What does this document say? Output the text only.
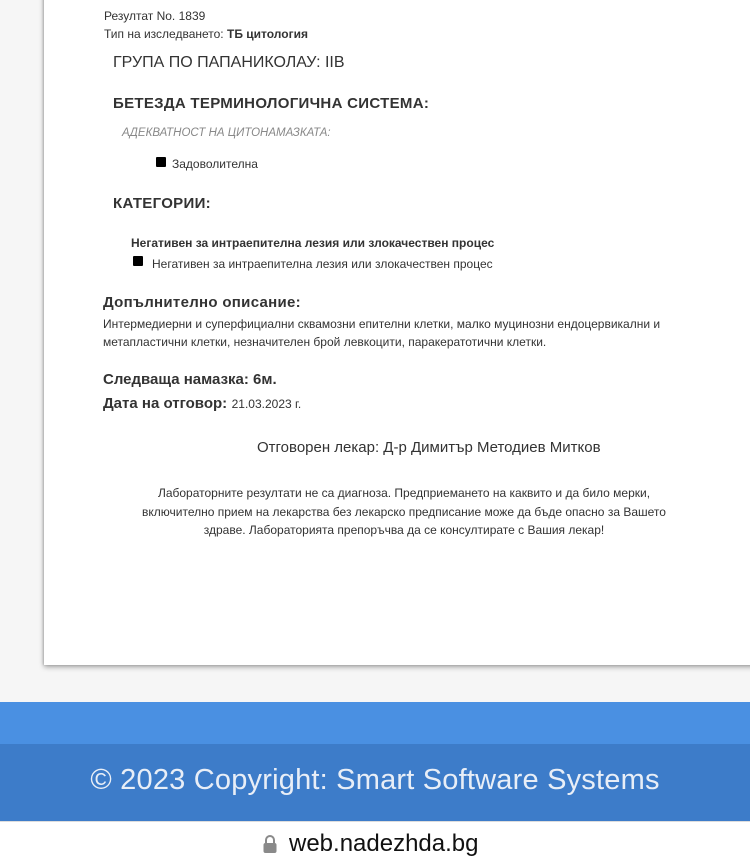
Резултат No. 1839
Тип на изследването: ТБ цитология
ГРУПА ПО ПАПАНИКОЛАУ: IIB
БЕТЕЗДА ТЕРМИНОЛОГИЧНА СИСТЕМА:
АДЕКВАТНОСТ НА ЦИТОНАМАЗКАТА:
Задоволителна
КАТЕГОРИИ:
Негативен за интраепителна лезия или злокачествен процес
Негативен за интраепителна лезия или злокачествен процес
Допълнително описание:
Интермедиерни и суперфициални сквамозни епителни клетки, малко муцинозни ендоцервикални и
метапластични клетки, незначителен брой левкоцити, паракератотични клетки.
Следваща намазка: 6м.
Дата на отговор: 21.03.2023 г.
Отговорен лекар: Д-р Димитър Методиев Митков
Лабораторните резултати не са диагноза. Предприемането на каквито и да било мерки,
включително прием на лекарства без лекарско предписание може да бъде опасно за Вашето
здраве. Лабораторията препоръчва да се консултирате с Вашия лекар!
© 2023 Copyright: Smart Software Systems
web.nadezhda.bg
